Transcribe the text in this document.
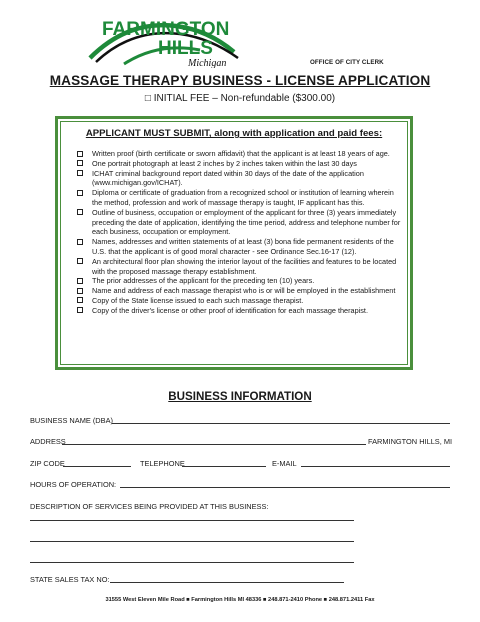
FARMINGTON
HILLS
Michigan	OFFICE OF CITY CLERK
MASSAGE THERAPY BUSINESS - LICENSE APPLICATION
□ INITIAL FEE – Non-refundable ($300.00)
APPLICANT MUST SUBMIT, along with application and paid fees:
Written proof (birth certificate or sworn affidavit) that the applicant is at least 18 years of age.
One portrait photograph at least 2 inches by 2 inches taken within the last 30 days
ICHAT criminal background report dated within 30 days of the date of the application (www.michigan.gov/ICHAT).
Diploma or certificate of graduation from a recognized school or institution of learning wherein the method, profession and work of massage therapy is taught, IF applicant has this.
Outline of business, occupation or employment of the applicant for three (3) years immediately preceding the date of application, identifying the time period, address and telephone number for each business, occupation or employment.
Names, addresses and written statements of at least (3) bona fide permanent residents of the U.S. that the applicant is of good moral character - see Ordinance Sec.16-17 (12).
An architectural floor plan showing the interior layout of the facilities and features to be located with the proposed massage therapy establishment.
The prior addresses of the applicant for the preceding ten (10) years.
Name and address of each massage therapist who is or will be employed in the establishment
Copy of the State license issued to each such massage therapist.
Copy of the driver's license or other proof of identification for each massage therapist.
BUSINESS INFORMATION
BUSINESS NAME (DBA)
ADDRESS	FARMINGTON HILLS, MI
ZIP CODE	TELEPHONE	E-MAIL
HOURS OF OPERATION:
DESCRIPTION OF SERVICES BEING PROVIDED AT THIS BUSINESS:
STATE SALES TAX NO:
31555 West Eleven Mile Road ■ Farmington Hills MI 48336 ■ 248.871-2410 Phone ■ 248.871.2411 Fax
